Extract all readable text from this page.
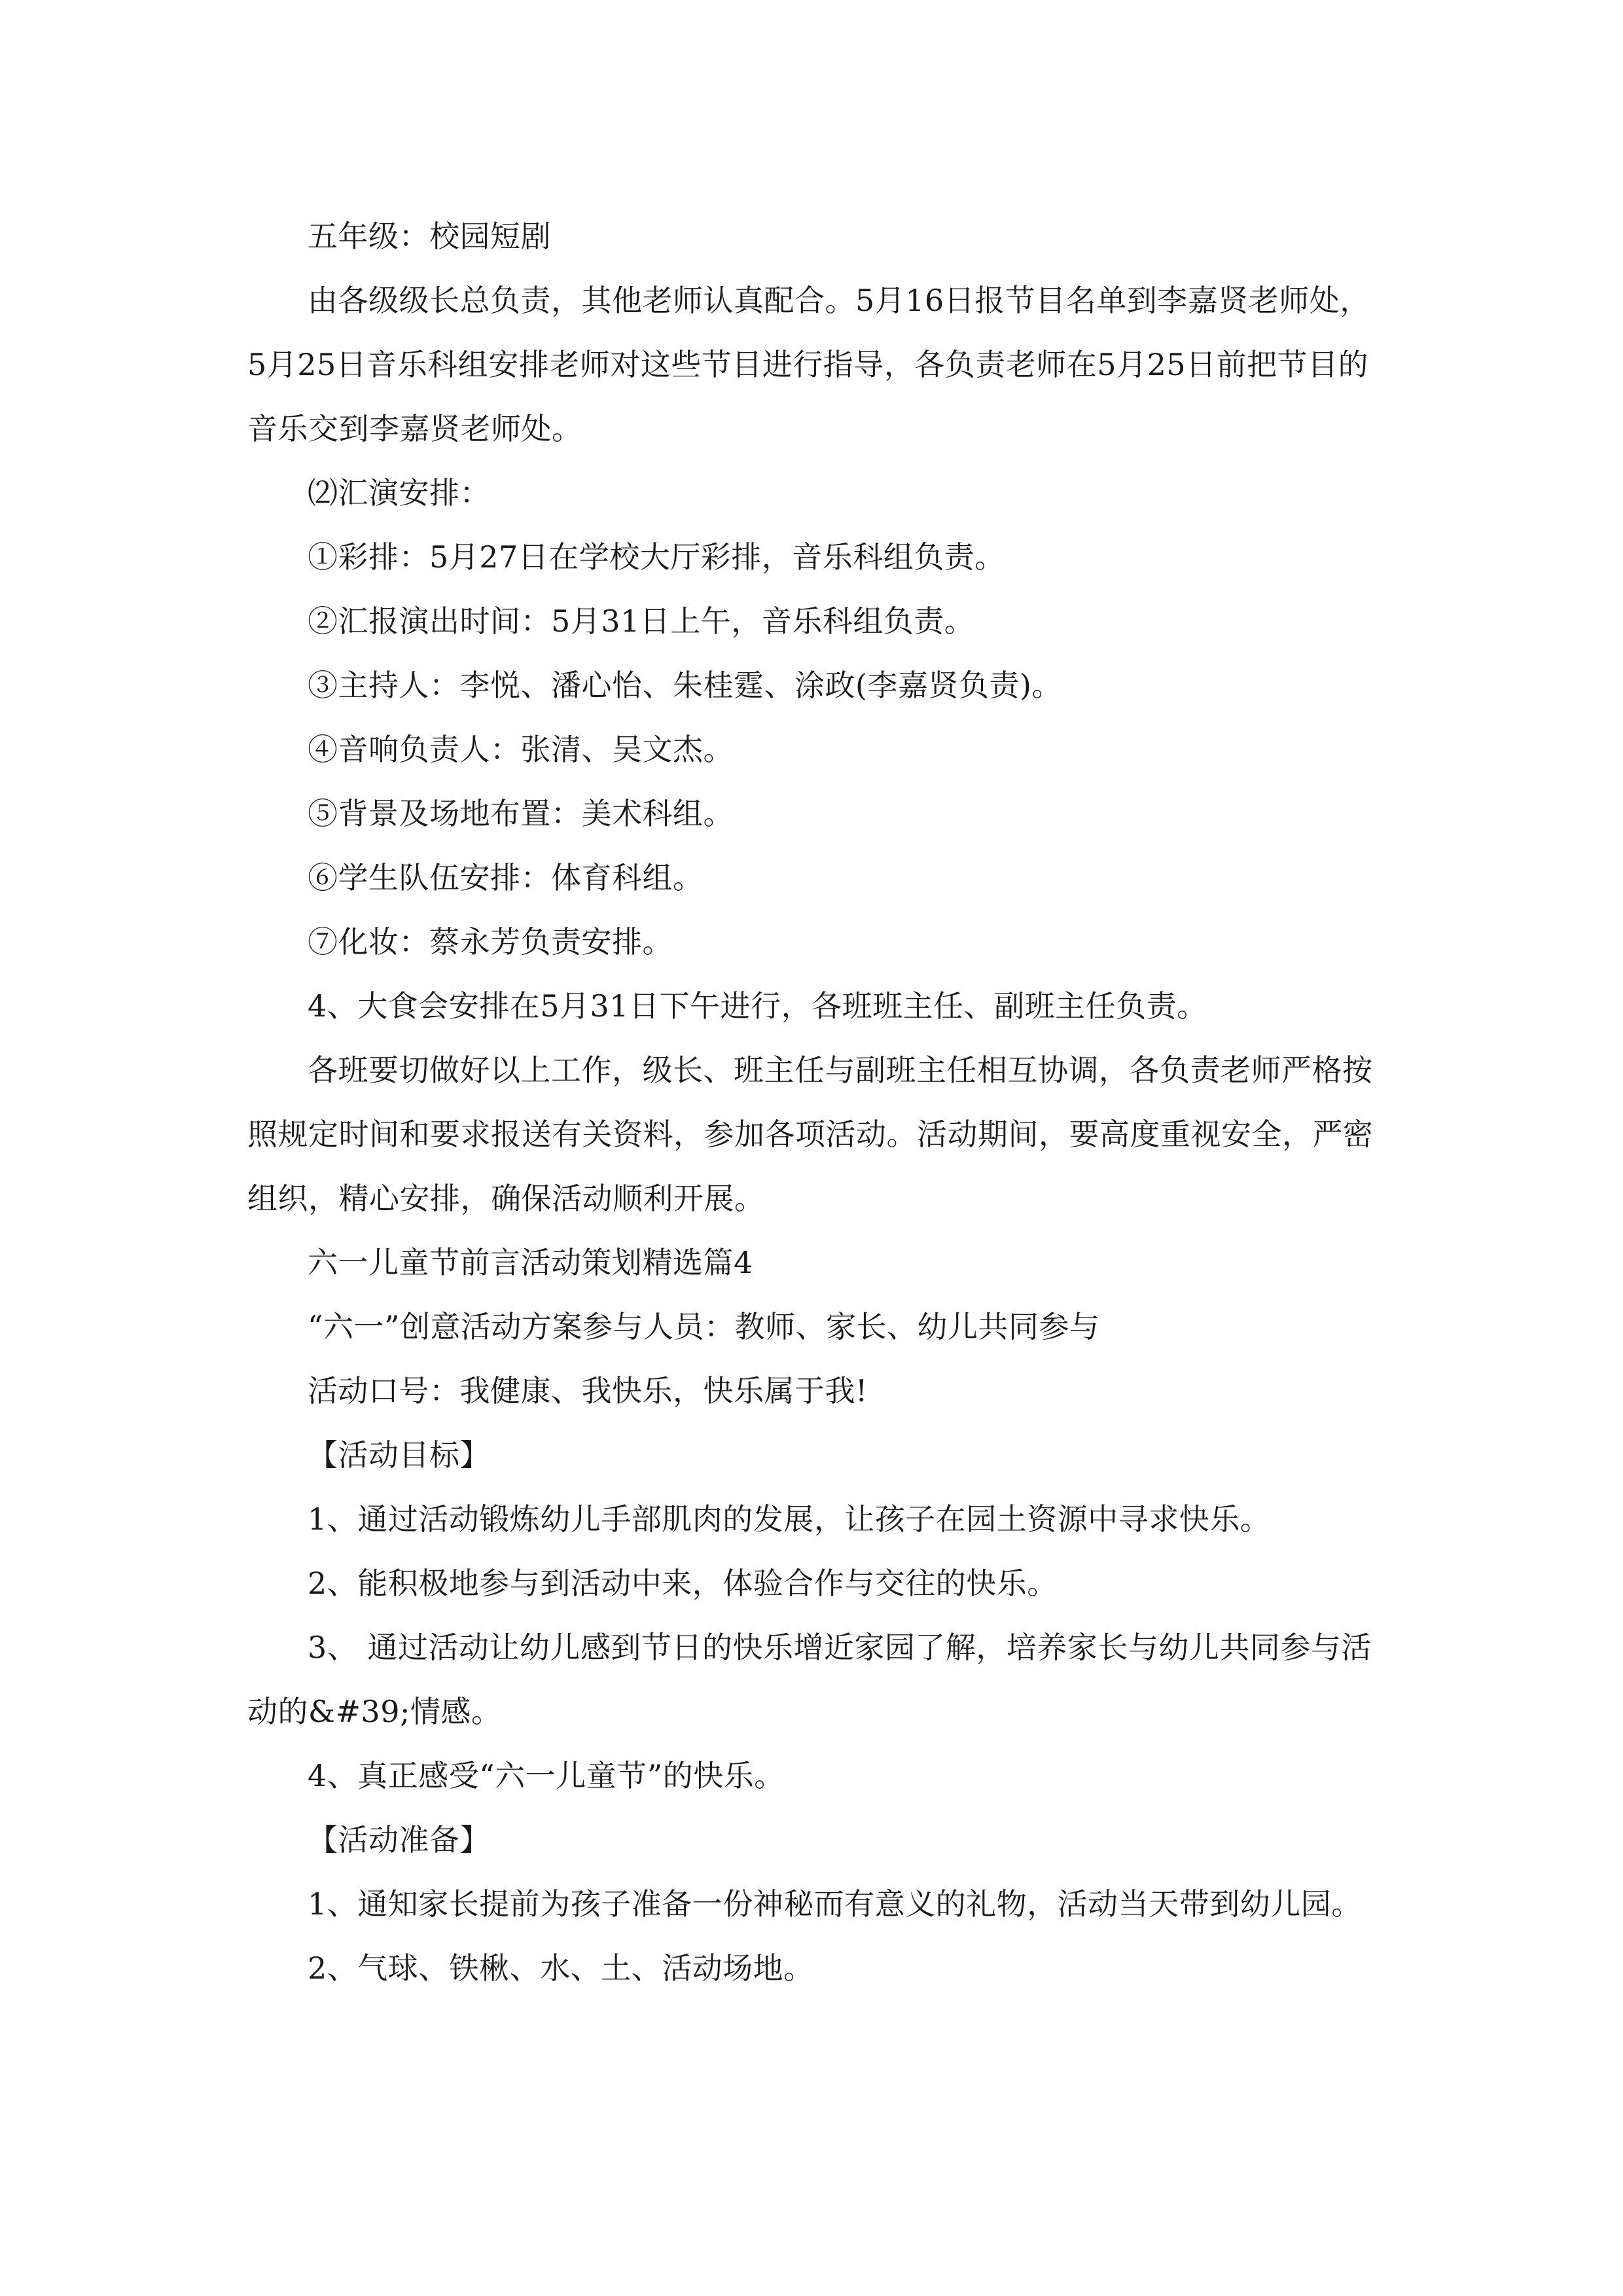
五年级：校园短剧

由各级级长总负责，其他老师认真配合。5月16日报节目名单到李嘉贤老师处，5月25日音乐科组安排老师对这些节目进行指导，各负责老师在5月25日前把节目的音乐交到李嘉贤老师处。

⑵汇演安排：

①彩排：5月27日在学校大厅彩排，音乐科组负责。

②汇报演出时间：5月31日上午，音乐科组负责。

③主持人：李悦、潘心怡、朱桂霆、涂政(李嘉贤负责)。

④音响负责人：张清、吴文杰。

⑤背景及场地布置：美术科组。

⑥学生队伍安排：体育科组。

⑦化妆：蔡永芳负责安排。

4、大食会安排在5月31日下午进行，各班班主任、副班主任负责。

各班要切做好以上工作，级长、班主任与副班主任相互协调，各负责老师严格按照规定时间和要求报送有关资料，参加各项活动。活动期间，要高度重视安全，严密组织，精心安排，确保活动顺利开展。

六一儿童节前言活动策划精选篇4

“六一”创意活动方案参与人员：教师、家长、幼儿共同参与

活动口号：我健康、我快乐，快乐属于我!

【活动目标】

1、通过活动锻炼幼儿手部肌肉的发展，让孩子在园土资源中寻求快乐。

2、能积极地参与到活动中来，体验合作与交往的快乐。

3、 通过活动让幼儿感到节日的快乐增近家园了解，培养家长与幼儿共同参与活动的&#39;情感。

4、真正感受“六一儿童节”的快乐。

【活动准备】

1、通知家长提前为孩子准备一份神秘而有意义的礼物，活动当天带到幼儿园。

2、气球、铁楸、水、土、活动场地。
